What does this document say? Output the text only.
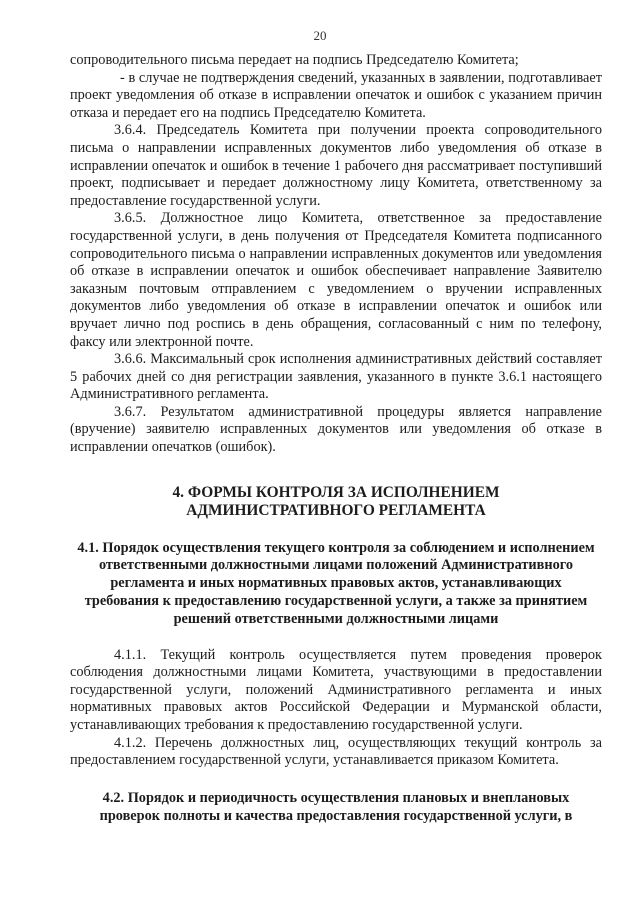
20

сопроводительного письма передает на подпись Председателю Комитета;

- в случае не подтверждения сведений, указанных в заявлении, подготавливает проект уведомления об отказе в исправлении опечаток и ошибок с указанием причин отказа и передает его на подпись Председателю Комитета.

3.6.4. Председатель Комитета при получении проекта сопроводительного письма о направлении исправленных документов либо уведомления об отказе в исправлении опечаток и ошибок в течение 1 рабочего дня рассматривает поступивший проект, подписывает и передает должностному лицу Комитета, ответственному за предоставление государственной услуги.

3.6.5. Должностное лицо Комитета, ответственное за предоставление государственной услуги, в день получения от Председателя Комитета подписанного сопроводительного письма о направлении исправленных документов или уведомления об отказе в исправлении опечаток и ошибок обеспечивает направление Заявителю заказным почтовым отправлением с уведомлением о вручении исправленных документов либо уведомления об отказе в исправлении опечаток и ошибок или вручает лично под роспись в день обращения, согласованный с ним по телефону, факсу или электронной почте.

3.6.6. Максимальный срок исполнения административных действий составляет 5 рабочих дней со дня регистрации заявления, указанного в пункте 3.6.1 настоящего Административного регламента.

3.6.7. Результатом административной процедуры является направление (вручение) заявителю исправленных документов или уведомления об отказе в исправлении опечатков (ошибок).

4. ФОРМЫ КОНТРОЛЯ ЗА ИСПОЛНЕНИЕМ
АДМИНИСТРАТИВНОГО РЕГЛАМЕНТА
4.1. Порядок осуществления текущего контроля за соблюдением и исполнением ответственными должностными лицами положений Административного регламента и иных нормативных правовых актов, устанавливающих требования к предоставлению государственной услуги, а также за принятием решений ответственными должностными лицами

4.1.1. Текущий контроль осуществляется путем проведения проверок соблюдения должностными лицами Комитета, участвующими в предоставлении государственной услуги, положений Административного регламента и иных нормативных правовых актов Российской Федерации и Мурманской области, устанавливающих требования к предоставлению государственной услуги.

4.1.2. Перечень должностных лиц, осуществляющих текущий контроль за предоставлением государственной услуги, устанавливается приказом Комитета.

4.2. Порядок и периодичность осуществления плановых и внеплановых проверок полноты и качества предоставления государственной услуги, в
